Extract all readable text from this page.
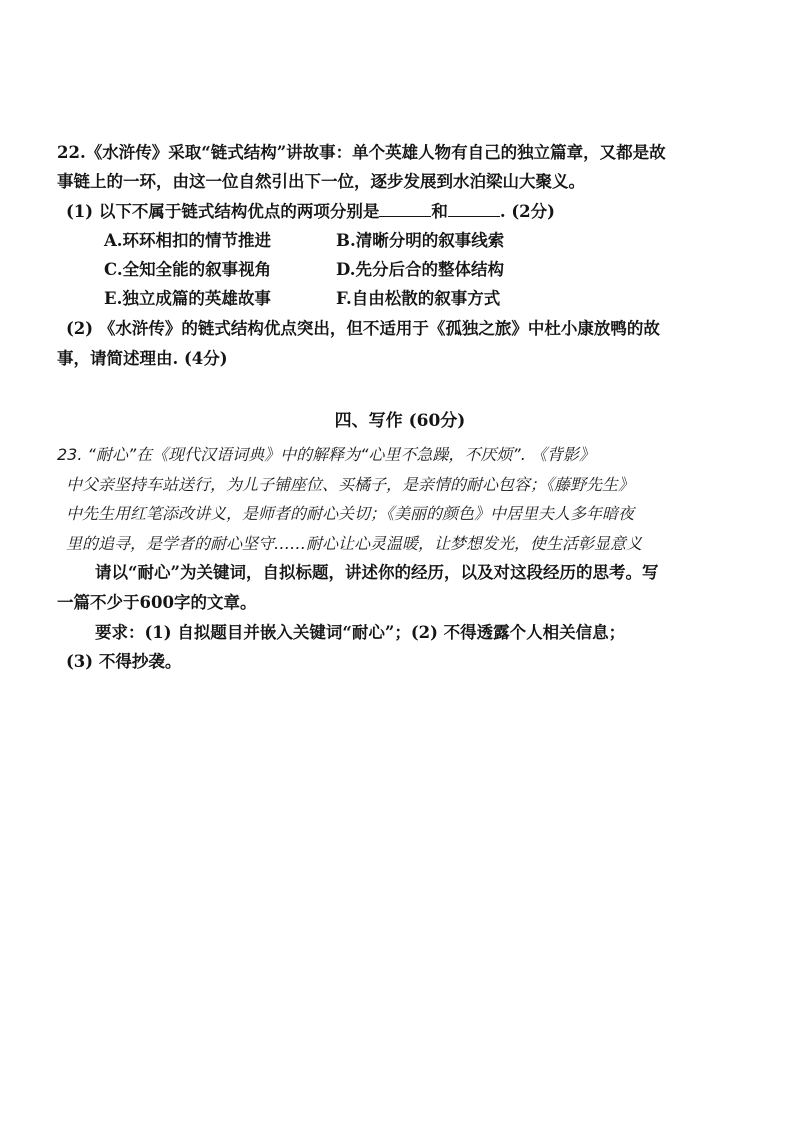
22.《水浒传》采取“链式结构”讲故事：单个英雄人物有自己的独立篇章，又都是故
事链上的一环，由这一位自然引出下一位，逐步发展到水泊梁山大聚义。
(1) 以下不属于链式结构优点的两项分别是	和	. (2分)
A.环环相扣的情节推进	B.清晰分明的叙事线索
C.全知全能的叙事视角	D.先分后合的整体结构
E.独立成篇的英雄故事	F.自由松散的叙事方式
(2) 《水浒传》的链式结构优点突出，但不适用于《孤独之旅》中杜小康放鸭的故
事，请简述理由. (4分)
四、写作 (60分)
23. “耐心”在《现代汉语词典》中的解释为“心里不急躁，不厌烦”. 《背影》
中父亲坚持车站送行，为儿子铺座位、买橘子，是亲情的耐心包容；《藤野先生》
中先生用红笔添改讲义，是师者的耐心关切；《美丽的颜色》中居里夫人多年暗夜
里的追寻，是学者的耐心坚守……耐心让心灵温暖，让梦想发光，使生活彰显意义
请以“耐心”为关键词，自拟标题，讲述你的经历，以及对这段经历的思考。写
一篇不少于600字的文章。
要求：(1) 自拟题目并嵌入关键词“耐心”；(2) 不得透露个人相关信息；
(3) 不得抄袭。
